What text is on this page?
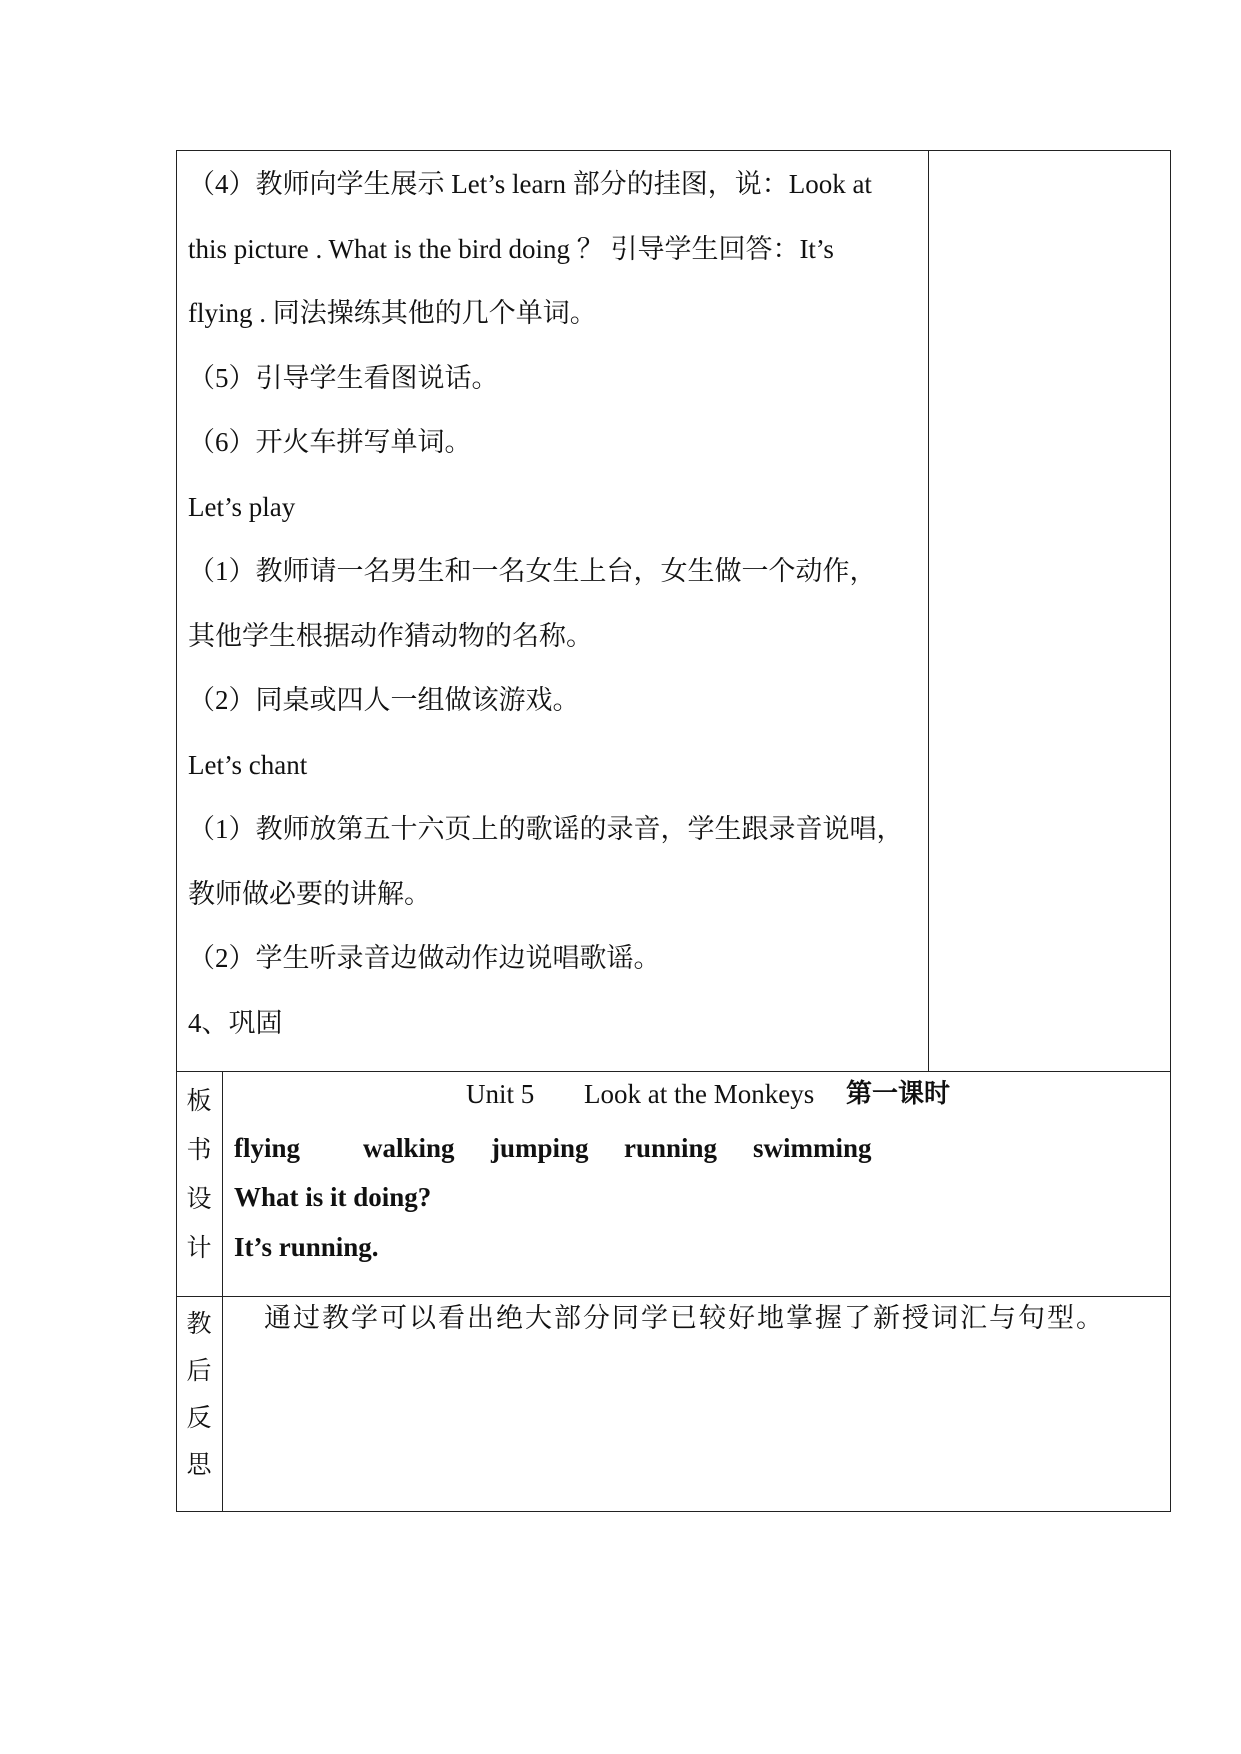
（4）教师向学生展示 Let’s learn 部分的挂图，说：Look at
this picture . What is the bird doing ？ 引导学生回答：It’s
flying . 同法操练其他的几个单词。
（5）引导学生看图说话。
（6）开火车拼写单词。
Let’s play
（1）教师请一名男生和一名女生上台，女生做一个动作，
其他学生根据动作猜动物的名称。
（2）同桌或四人一组做该游戏。
Let’s chant
（1）教师放第五十六页上的歌谣的录音，学生跟录音说唱，
教师做必要的讲解。
（2）学生听录音边做动作边说唱歌谣。
4、巩固
板
书
设
计
Unit 5 Look at the Monkeys 第一课时
flying walking jumping running swimming
What is it doing?
It’s running.
教
后
反
思
通过教学可以看出绝大部分同学已较好地掌握了新授词汇与句型。
